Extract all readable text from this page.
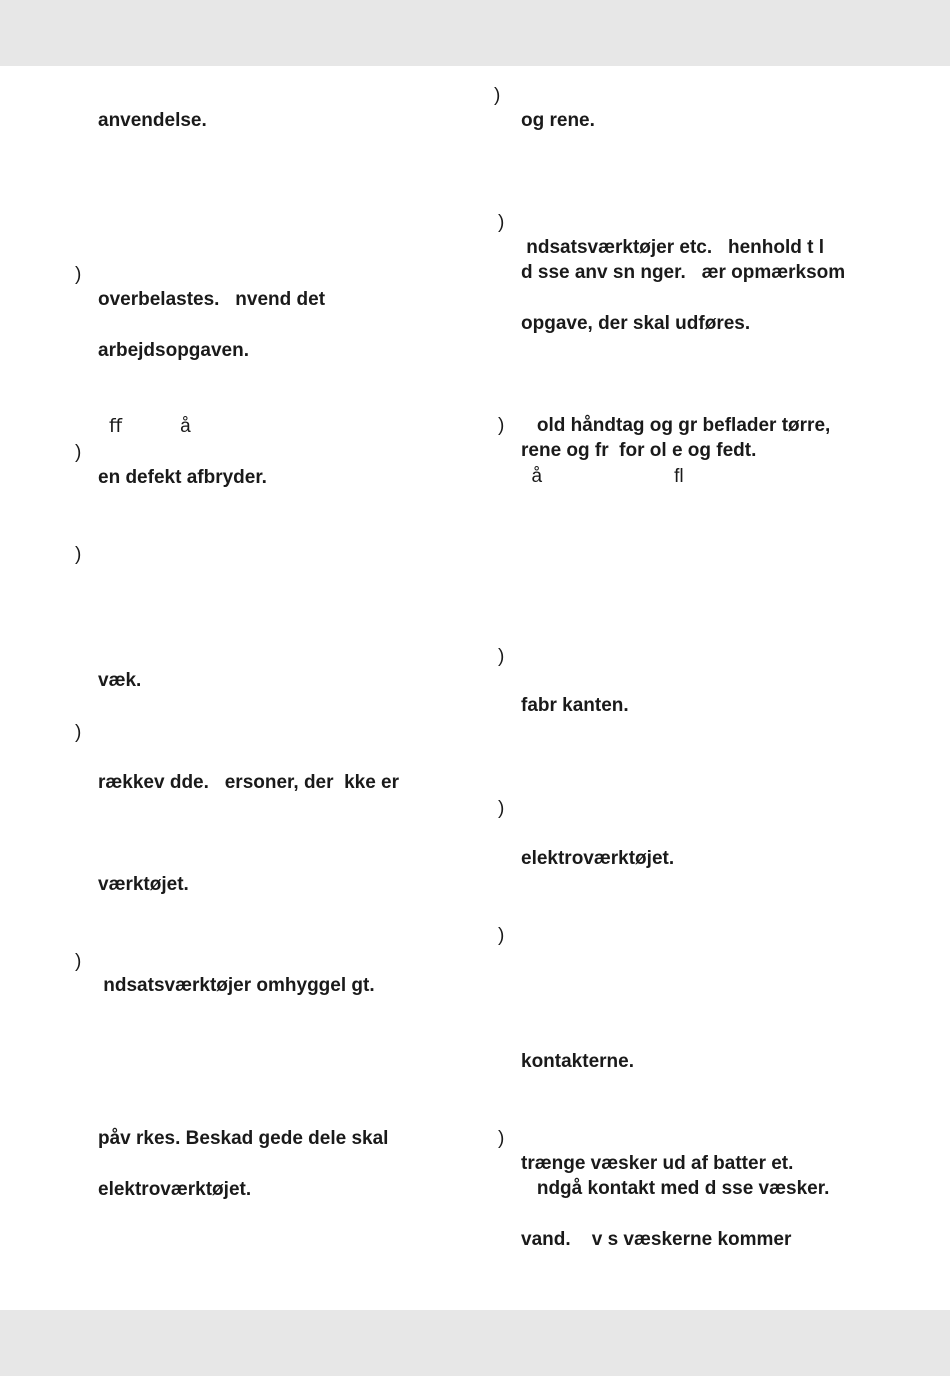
anvendelse.
)
overbelastes.   nvend det
arbejdsopgaven.
ﬀ           å
)
en defekt afbryder.
)
væk.
)
rækkev dde.   ersoner, der  kke er
værktøjet.
)
ndsatsværktøjer omhyggel gt.
påv rkes. Beskad gede dele skal
elektroværktøjet.
)
og rene.
)
ndsatsværktøjer etc.   henhold t l
d sse anv sn nger.   ær opmærksom
opgave, der skal udføres.
) old håndtag og gr beflader tørre,
rene og fr  for ol e og fedt.
å                         ﬂ
)
fabr kanten.
)
elektroværktøjet.
)
kontakterne.
)
trænge væsker ud af batter et.
ndgå kontakt med d sse væsker.
vand.    v s væskerne kommer
